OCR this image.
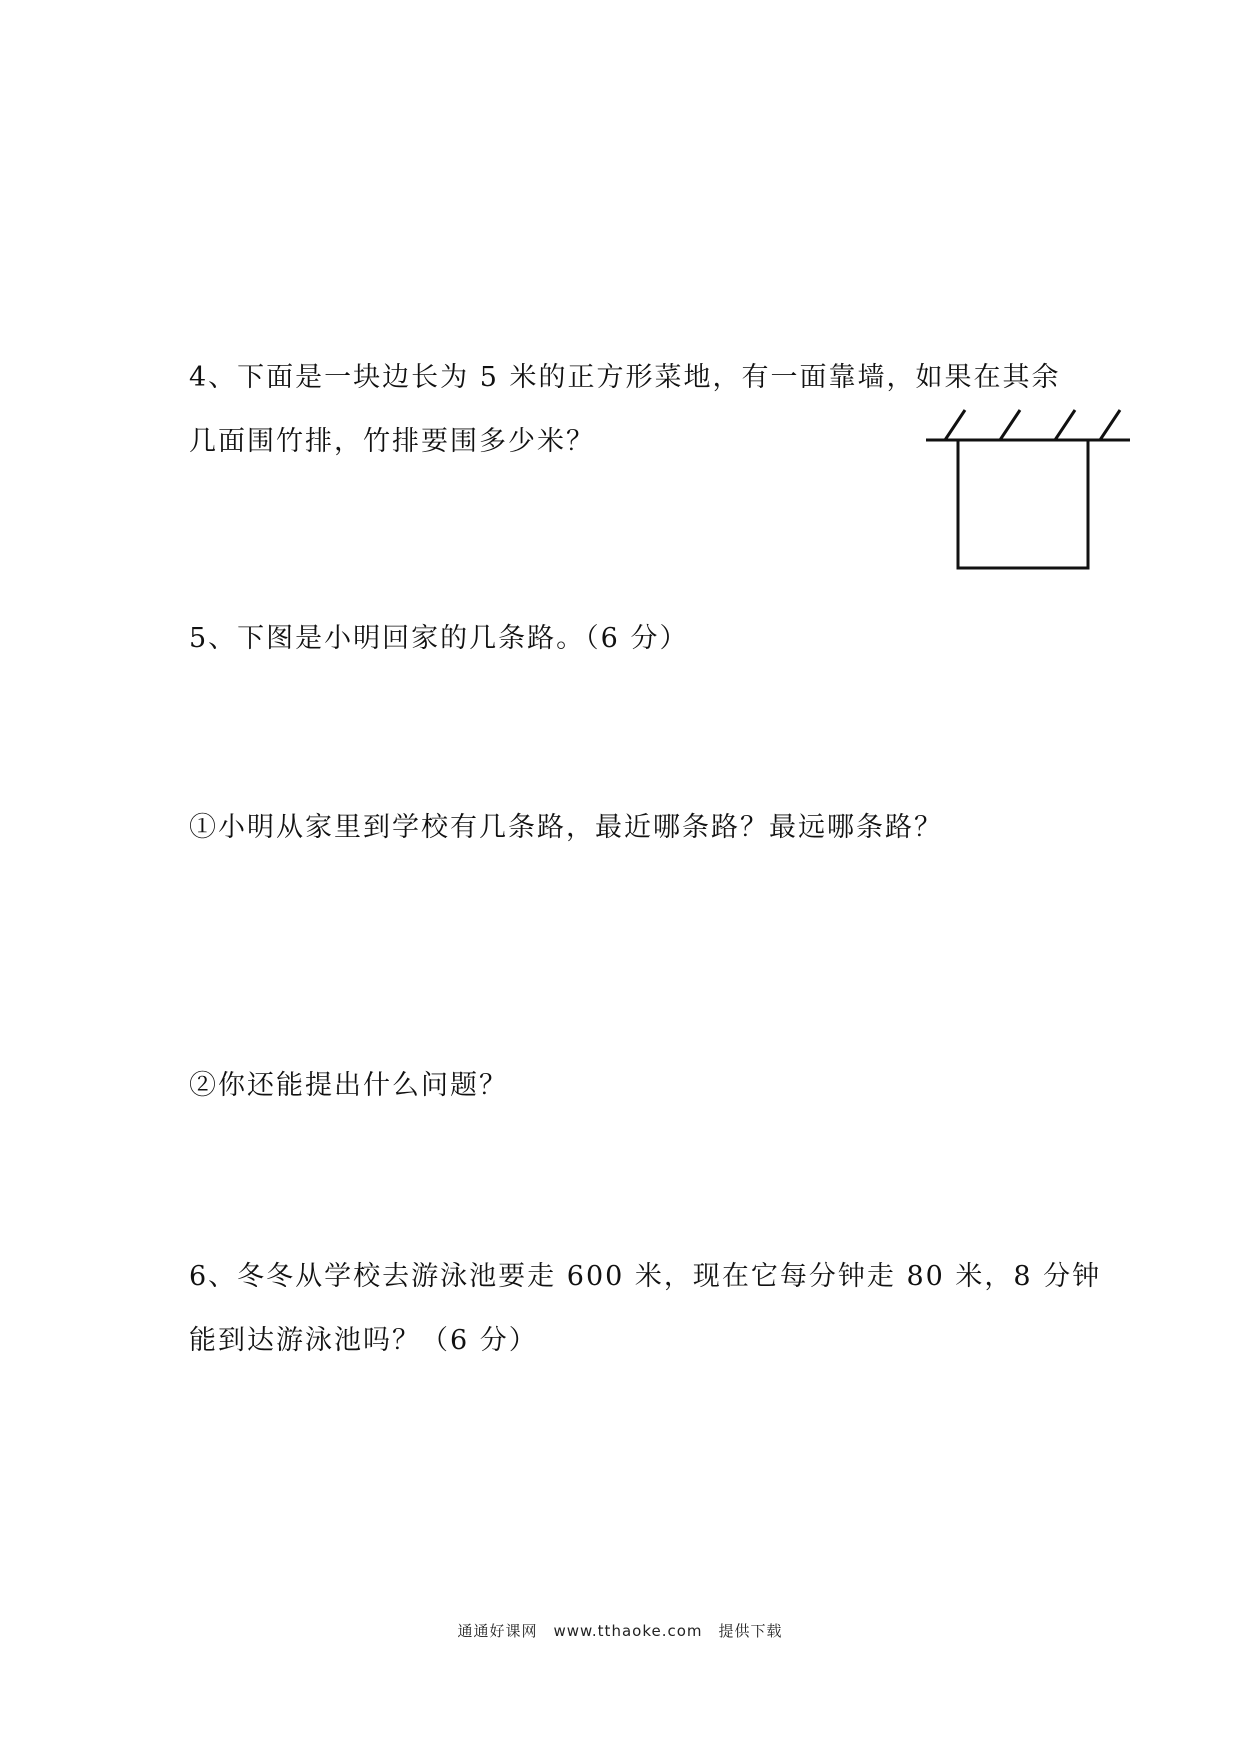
4、下面是一块边长为 5 米的正方形菜地，有一面靠墙，如果在其余
几面围竹排，竹排要围多少米？
5、下图是小明回家的几条路。（6 分）
①小明从家里到学校有几条路，最近哪条路？最远哪条路？
②你还能提出什么问题？
6、冬冬从学校去游泳池要走 600 米，现在它每分钟走 80 米，8 分钟
能到达游泳池吗？（6 分）
通通好课网　www.tthaoke.com　提供下载
